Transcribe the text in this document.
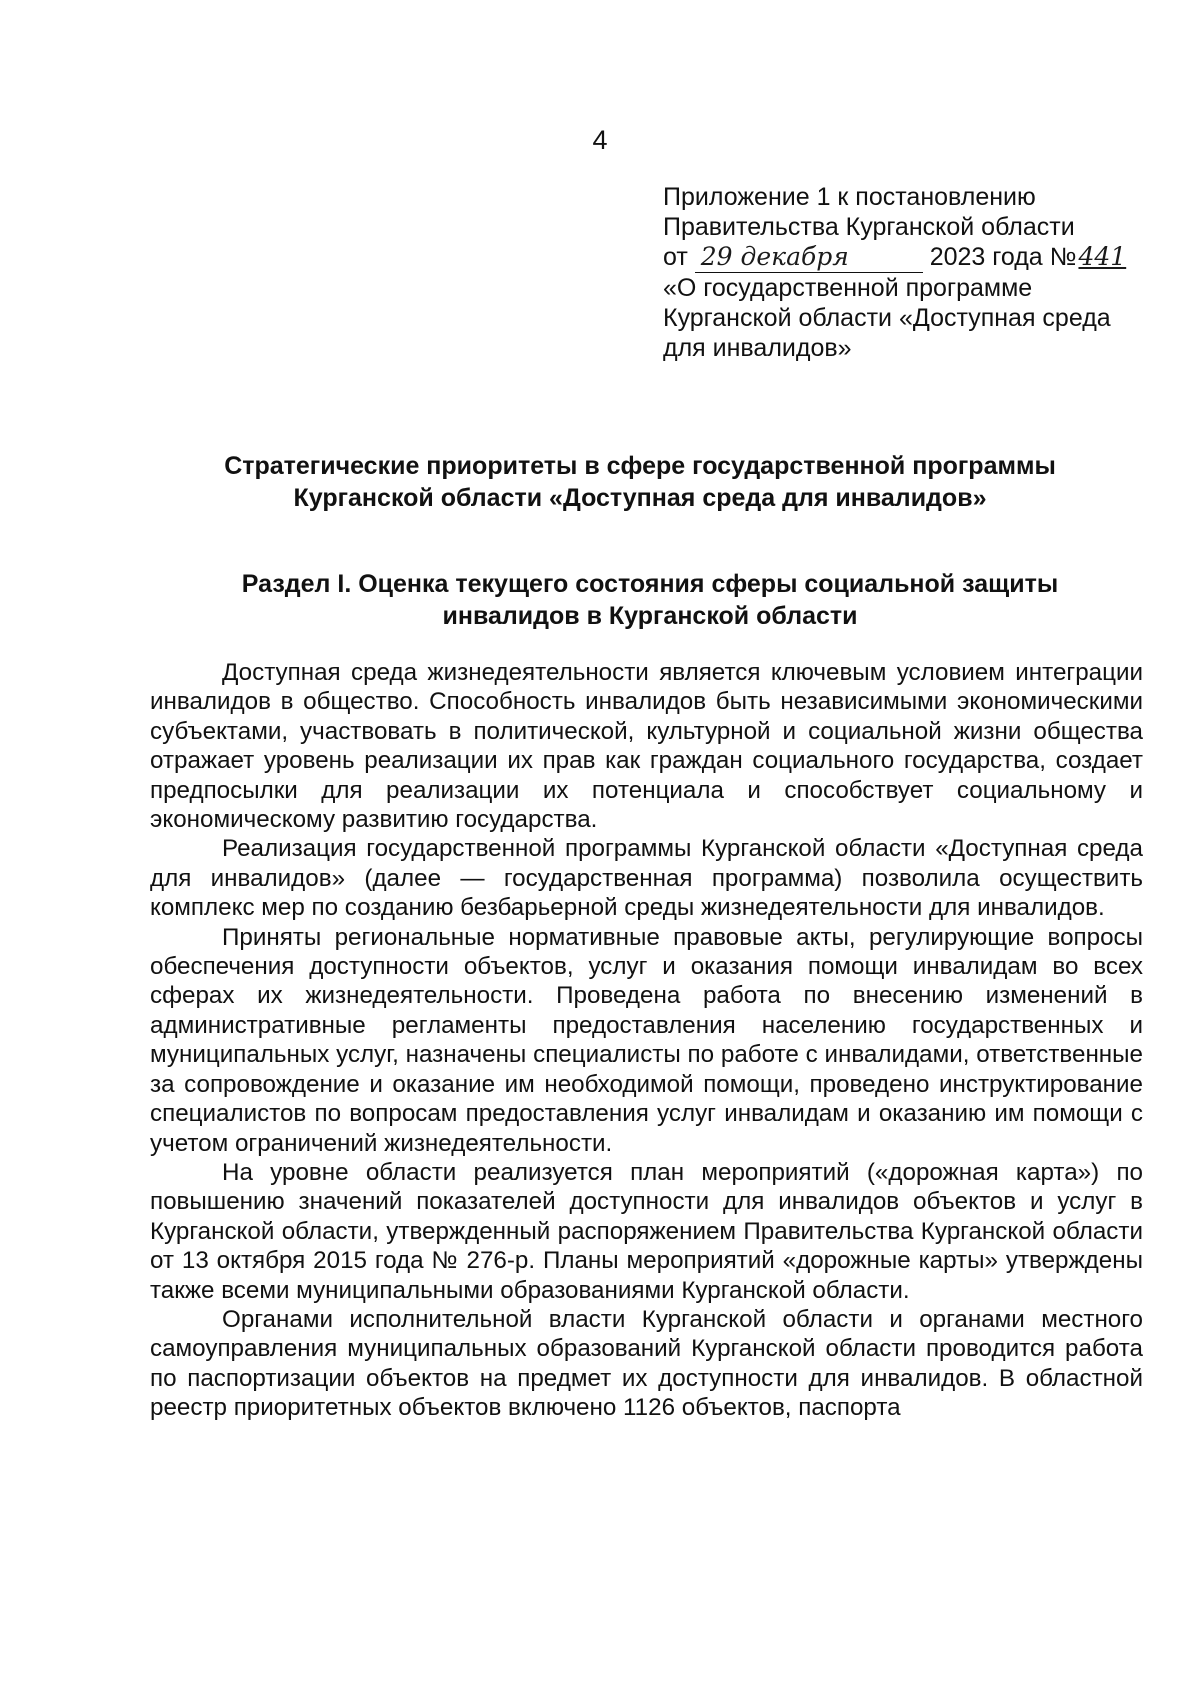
4
Приложение 1 к постановлению
Правительства Курганской области
от 29 декабря	2023 года №441
«О государственной программе
Курганской области «Доступная среда
для инвалидов»
Стратегические приоритеты в сфере государственной программы
Курганской области «Доступная среда для инвалидов»
Раздел I. Оценка текущего состояния сферы социальной защиты
инвалидов в Курганской области

Доступная среда жизнедеятельности является ключевым условием интеграции инвалидов в общество. Способность инвалидов быть независимыми экономическими субъектами, участвовать в политической, культурной и социальной жизни общества отражает уровень реализации их прав как граждан социального государства, создает предпосылки для реализации их потенциала и способствует социальному и экономическому развитию государства.

Реализация государственной программы Курганской области «Доступная среда для инвалидов» (далее — государственная программа) позволила осуществить комплекс мер по созданию безбарьерной среды жизнедеятельности для инвалидов.

Приняты региональные нормативные правовые акты, регулирующие вопросы обеспечения доступности объектов, услуг и оказания помощи инвалидам во всех сферах их жизнедеятельности. Проведена работа по внесению изменений в административные регламенты предоставления населению государственных и муниципальных услуг, назначены специалисты по работе с инвалидами, ответственные за сопровождение и оказание им необходимой помощи, проведено инструктирование специалистов по вопросам предоставления услуг инвалидам и оказанию им помощи с учетом ограничений жизнедеятельности.

На уровне области реализуется план мероприятий («дорожная карта») по повышению значений показателей доступности для инвалидов объектов и услуг в Курганской области, утвержденный распоряжением Правительства Курганской области от 13 октября 2015 года № 276-р. Планы мероприятий «дорожные карты» утверждены также всеми муниципальными образованиями Курганской области.

Органами исполнительной власти Курганской области и органами местного самоуправления муниципальных образований Курганской области проводится работа по паспортизации объектов на предмет их доступности для инвалидов. В областной реестр приоритетных объектов включено 1126 объектов, паспорта
